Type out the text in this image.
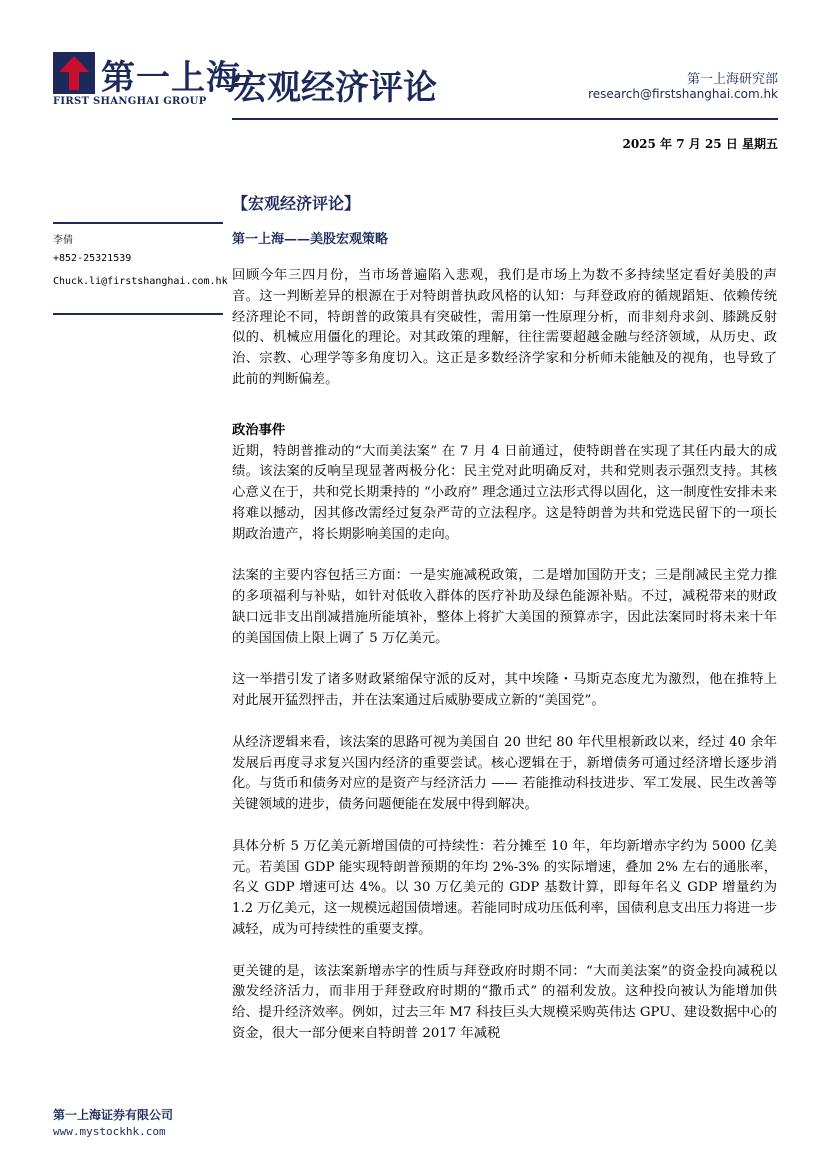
第一上海
FIRST SHANGHAI GROUP 宏观经济评论	第一上海研究部
research@firstshanghai.com.hk
2025 年 7 月 25 日 星期五
【宏观经济评论】
李倩
+852-25321539
Chuck.li@firstshanghai.com.hk
第一上海——美股宏观策略

回顾今年三四月份，当市场普遍陷入悲观，我们是市场上为数不多持续坚定看好美股的声音。这一判断差异的根源在于对特朗普执政风格的认知：与拜登政府的循规蹈矩、依赖传统经济理论不同，特朗普的政策具有突破性，需用第一性原理分析，而非刻舟求剑、膝跳反射似的、机械应用僵化的理论。对其政策的理解，往往需要超越金融与经济领域，从历史、政治、宗教、心理学等多角度切入。这正是多数经济学家和分析师未能触及的视角，也导致了此前的判断偏差。

政治事件

近期，特朗普推动的“大而美法案” 在 7 月 4 日前通过，使特朗普在实现了其任内最大的成绩。该法案的反响呈现显著两极分化：民主党对此明确反对，共和党则表示强烈支持。其核心意义在于，共和党长期秉持的 “小政府” 理念通过立法形式得以固化，这一制度性安排未来将难以撼动，因其修改需经过复杂严苛的立法程序。这是特朗普为共和党选民留下的一项长期政治遗产，将长期影响美国的走向。

法案的主要内容包括三方面：一是实施减税政策，二是增加国防开支；三是削减民主党力推的多项福利与补贴，如针对低收入群体的医疗补助及绿色能源补贴。不过，减税带来的财政缺口远非支出削减措施所能填补，整体上将扩大美国的预算赤字，因此法案同时将未来十年的美国国债上限上调了 5 万亿美元。

这一举措引发了诸多财政紧缩保守派的反对，其中埃隆・马斯克态度尤为激烈，他在推特上对此展开猛烈抨击，并在法案通过后威胁要成立新的“美国党”。

从经济逻辑来看，该法案的思路可视为美国自 20 世纪 80 年代里根新政以来，经过 40 余年发展后再度寻求复兴国内经济的重要尝试。核心逻辑在于，新增债务可通过经济增长逐步消化。与货币和债务对应的是资产与经济活力 —— 若能推动科技进步、军工发展、民生改善等关键领域的进步，债务问题便能在发展中得到解决。

具体分析 5 万亿美元新增国债的可持续性：若分摊至 10 年，年均新增赤字约为 5000 亿美元。若美国 GDP 能实现特朗普预期的年均 2%-3% 的实际增速，叠加 2% 左右的通胀率，名义 GDP 增速可达 4%。以 30 万亿美元的 GDP 基数计算，即每年名义 GDP 增量约为 1.2 万亿美元，这一规模远超国债增速。若能同时成功压低利率，国债利息支出压力将进一步减轻，成为可持续性的重要支撑。

更关键的是，该法案新增赤字的性质与拜登政府时期不同：“大而美法案”的资金投向减税以激发经济活力，而非用于拜登政府时期的“撒币式” 的福利发放。这种投向被认为能增加供给、提升经济效率。例如，过去三年 M7 科技巨头大规模采购英伟达 GPU、建设数据中心的资金，很大一部分便来自特朗普 2017 年减税

第一上海证券有限公司
www.mystockhk.com
